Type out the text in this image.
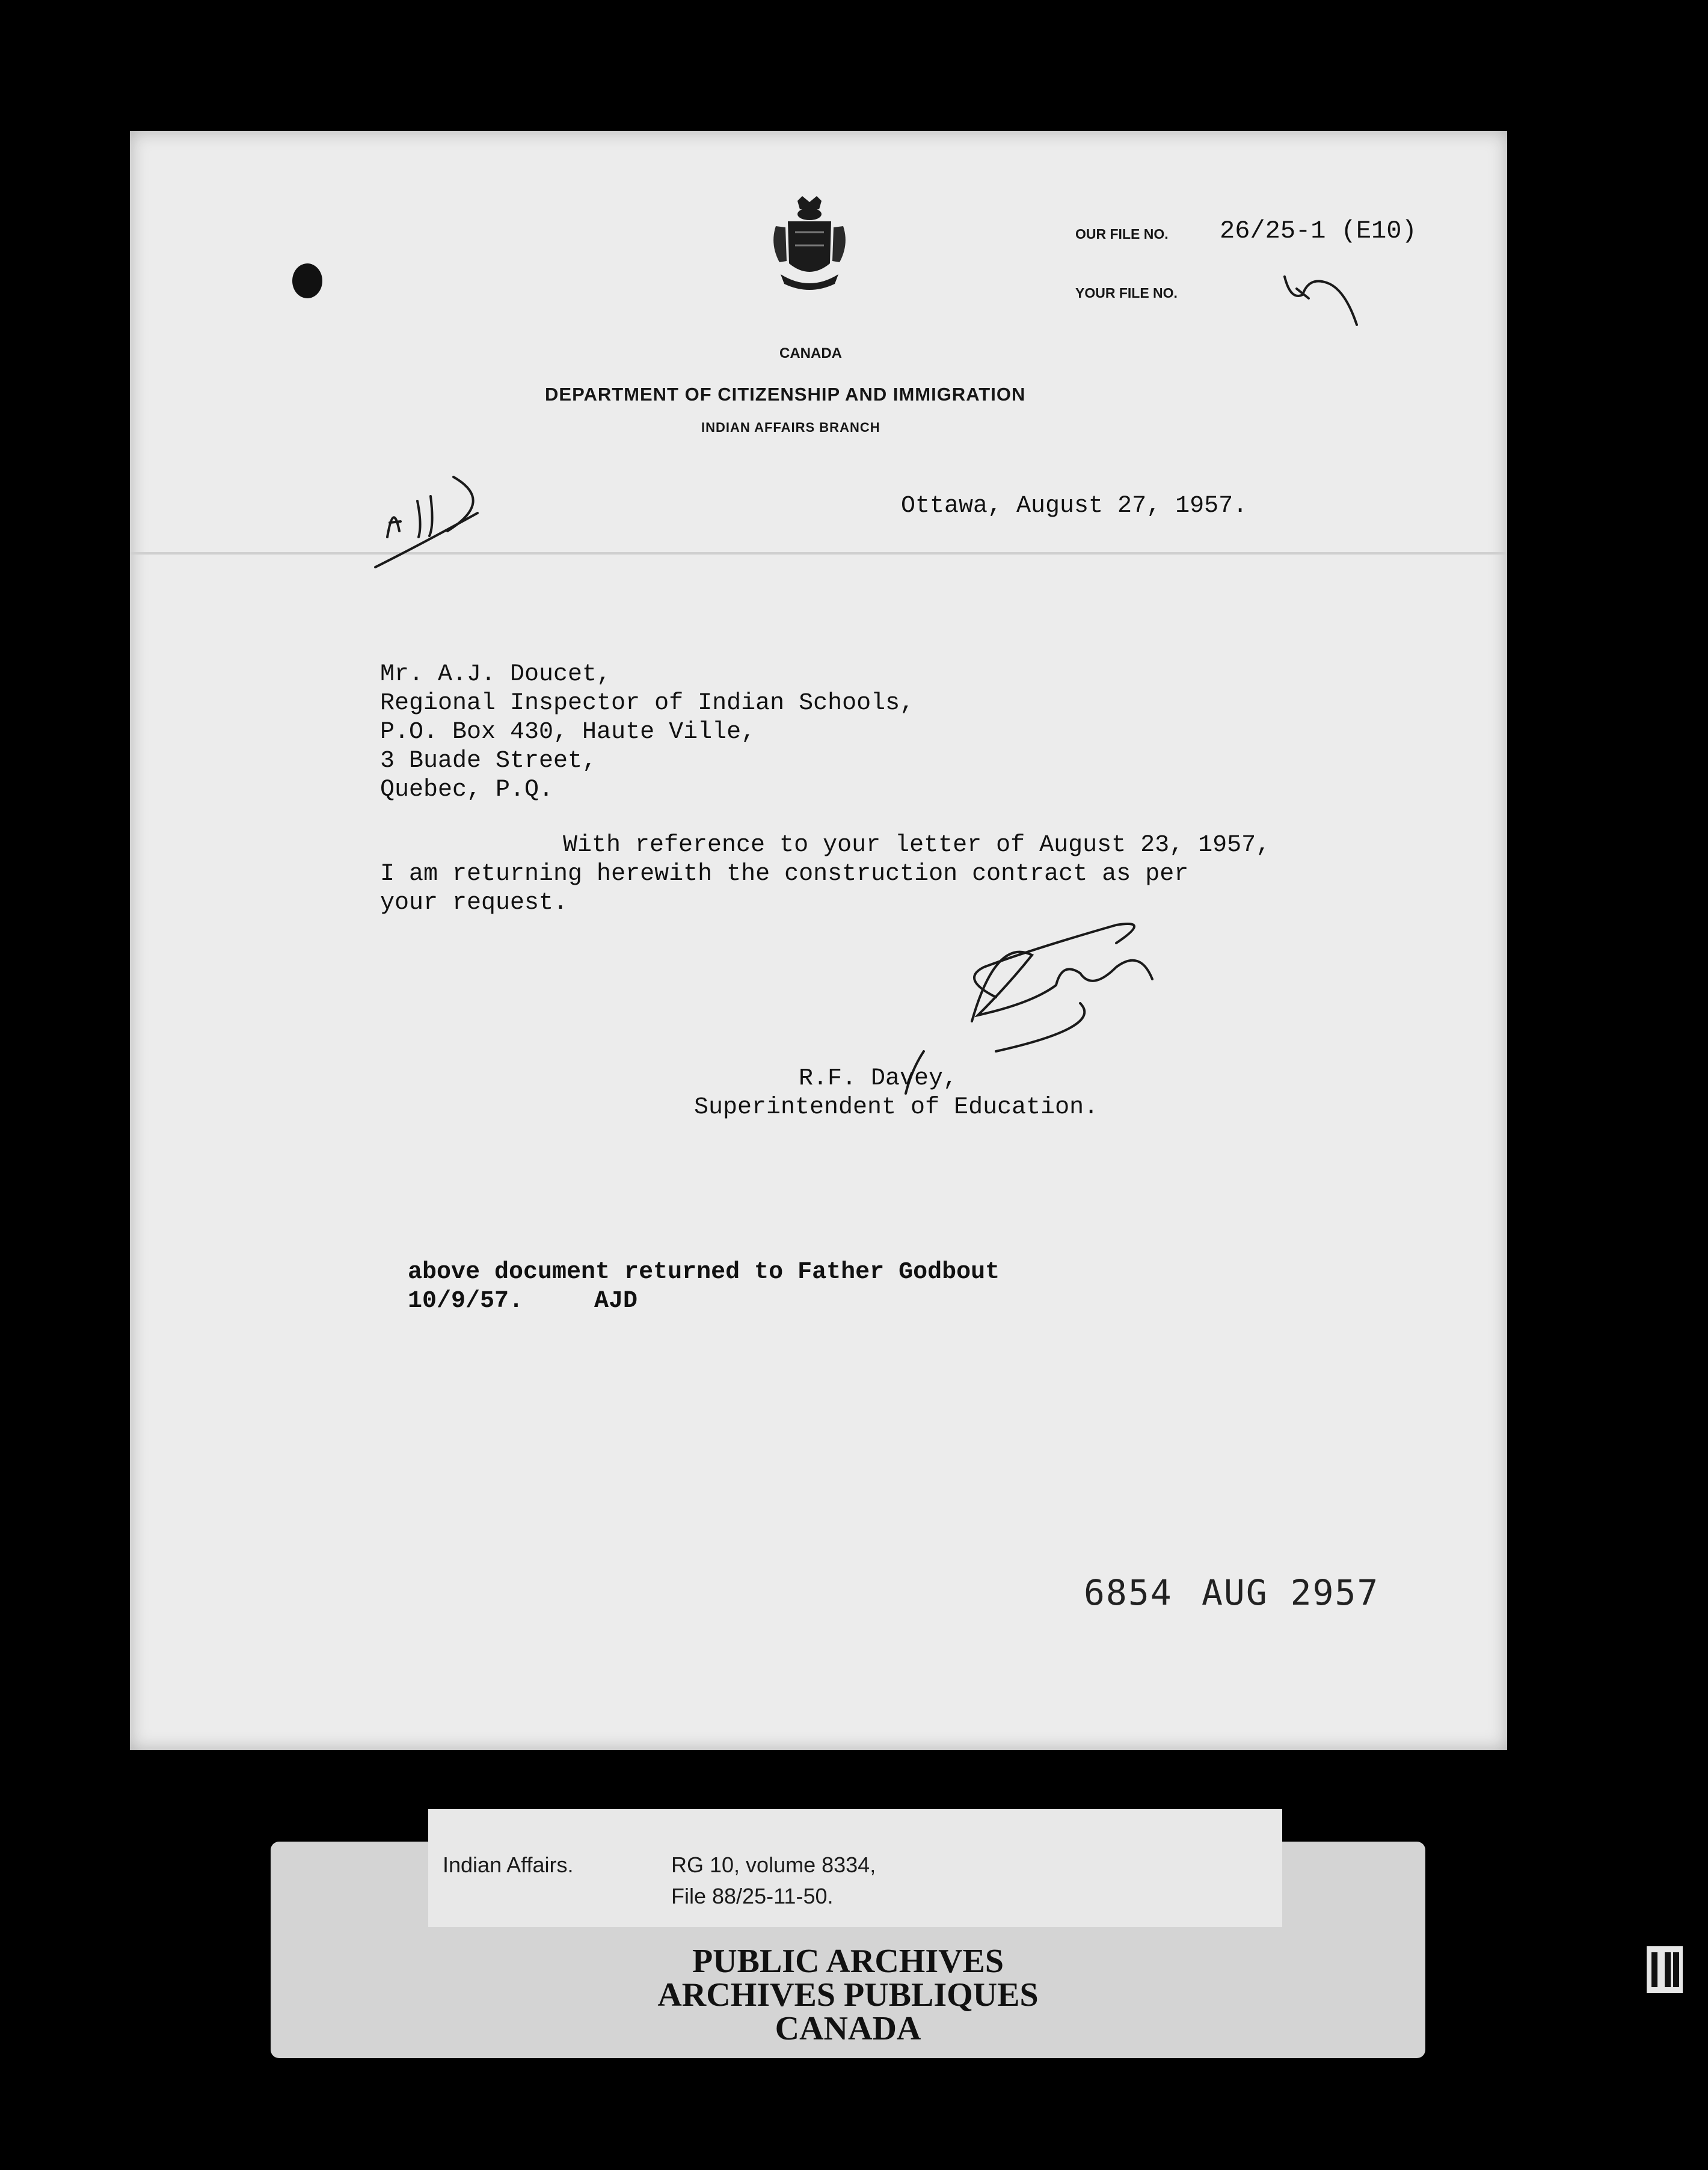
CANADA
DEPARTMENT OF CITIZENSHIP AND IMMIGRATION
INDIAN AFFAIRS BRANCH
OUR FILE NO. 26/25-1 (E10)
YOUR FILE NO.
Ottawa, August 27, 1957.
Mr. A.J. Doucet,
Regional Inspector of Indian Schools,
P.O. Box 430, Haute Ville,
3 Buade Street,
Quebec, P.Q.
With reference to your letter of August 23, 1957,
I am returning herewith the construction contract as per
your request.
R.F. Davey,
Superintendent of Education.
above document returned to Father Godbout
10/9/57.	AJD
6854 AUG 2957
PUBLIC ARCHIVES
ARCHIVES PUBLIQUES
CANADA
Indian Affairs.	RG 10, volume 8334,
File 88/25-11-50.
